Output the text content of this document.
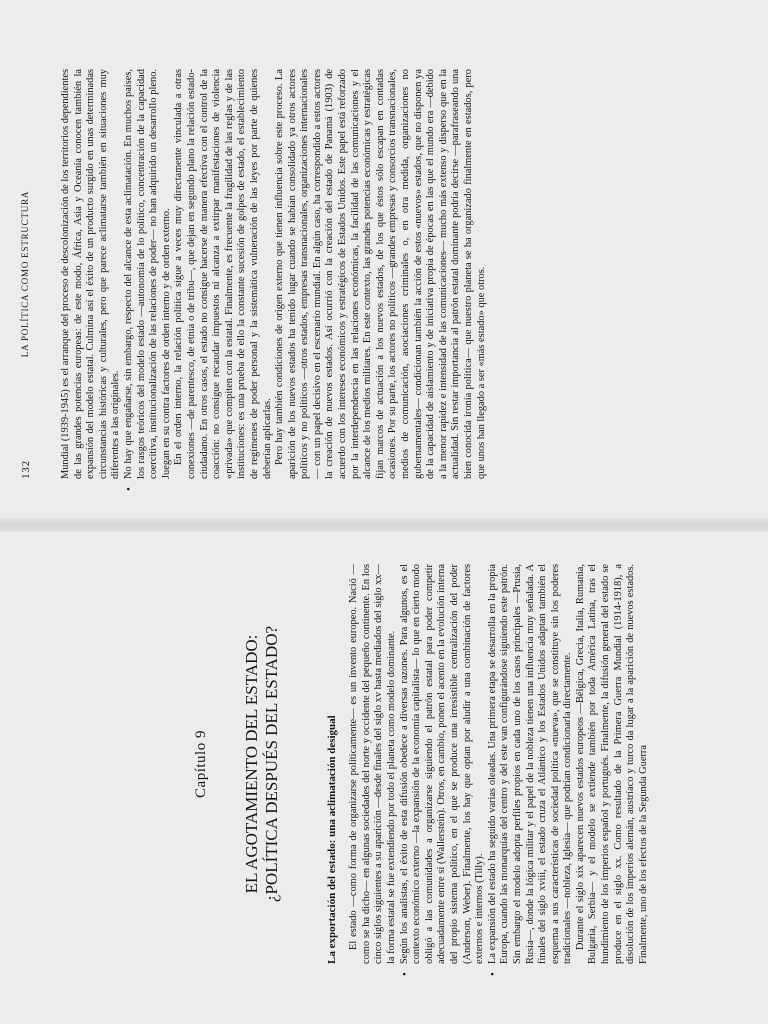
Capítulo 9 EL AGOTAMIENTO DEL ESTADO: ¿POLÍTICA DESPUÉS DEL ESTADO?	La exportación del estado: una aclimatación desigual El estado —como forma de organizarse políticamente— es un invento europeo. Nació —como se ha dicho— en algunas sociedades del norte y occidente del pequeño continente. En los cinco siglos siguientes a su aparición —desde finales del siglo xv hasta mediados del siglo xx— la forma estatal se fue extendiendo por todo el planeta como modelo dominante.

•

Según los analistas, el éxito de esta difusión obedece a diversas razones. Para algunos, es el contexto económico externo —la expansión de la economía capitalista— lo que en cierto modo obligó a las comunidades a organizarse siguiendo el patrón estatal para poder competir adecuadamente entre sí (Wallerstein). Otros, en cambio, ponen el acento en la evolución interna del propio sistema político, en el que se produce una irresistible centralización del poder (Anderson, Weber). Finalmente, los hay que optan por aludir a una combinación de factores externos e internos (Tilly).

•

La expansión del estado ha seguido varias oleadas. Una primera etapa se desarrolla en la propia Europa, cuando las monarquías del centro y del este van configurándose siguiendo este patrón. Sin embargo el modelo adopta perfiles propios en cada uno de los casos principales —Prusia, Rusia—, donde la lógica militar y el papel de la nobleza tienen una influencia muy señalada. A finales del siglo xviii, el estado cruza el Atlántico y los Estados Unidos adaptan también el esquema a sus características de sociedad política «nueva», que se constituye sin los poderes tradicionales —nobleza, Iglesia— que podrían condicionarla directamente. Durante el siglo xix aparecen nuevos estados europeos —Bélgica, Grecia, Italia, Rumania, Bulgaria, Serbia— y el modelo se extiende también por toda América Latina, tras el hundimiento de los imperios español y portugués. Finalmente, la difusión general del estado se produce en el siglo xx. Como resultado de la Primera Guerra Mundial (1914-1918), a disolución de los imperios alemán, austríaco y turco da lugar a la aparición de nuevos estados. Finalmente, uno de los efectos de la Segunda Guerra

132
LA POLÍTICA COMO ESTRUCTURA	Mundial (1939-1945) es el arranque del proceso de descolonización de los territorios dependientes de las grandes potencias europeas: de este modo, África, Asia y Oceanía conocen también la expansión del modelo estatal. Culmina así el éxito de un producto surgido en unas determinadas circunstancias históricas y culturales, pero que parece aclimatarse también en situaciones muy diferentes a las originales.

•

No hay que engañarse, sin embargo, respecto del alcance de esta aclimatación. En muchos países, los rasgos teóricos del modelo estado —autonomía de lo político, concentración de la capacidad coercitiva, institucionalización de las relaciones de poder— no han adquirido un desarrollo pleno. Juegan en su contra factores de orden interno y de orden externo. En el orden interno, la relación política sigue a veces muy directamente vinculada a otras conexiones —de parentesco, de etnia o de tribu—, que dejan en segundo plano la relación estado-ciudadano. En otros casos, el estado no consigue hacerse de manera efectiva con el control de la coacción: no consigue recaudar impuestos ni alcanza a extirpar manifestaciones de violencia «privada» que compiten con la estatal. Finalmente, es frecuente la fragilidad de las reglas y de las instituciones: es una prueba de ello la constante sucesión de golpes de estado, el establecimiento de regímenes de poder personal y la sistemática vulneración de las leyes por parte de quienes deberían aplicarlas. Pero hay también condiciones de origen externo que tienen influencia sobre este proceso. La aparición de los nuevos estados ha tenido lugar cuando se habían consolidado ya otros actores políticos y no políticos —otros estados, empresas transnacionales, organizaciones internacionales— con un papel decisivo en el escenario mundial. En algún caso, ha correspondido a estos actores la creación de nuevos estados. Así ocurrió con la creación del estado de Panamá (1903) de acuerdo con los intereses económicos y estratégicos de Estados Unidos. Este papel está reforzado por la interdependencia en las relaciones económicas, la facilidad de las comunicaciones y el alcance de los medios militares. En este contexto, las grandes potencias económicas y estratégicas fijan marcos de actuación a los nuevos estados, de los que éstos sólo escapan en contadas ocasiones. Por su parte, los actores no políticos —grandes empresas y consorcios transnacionales, medios de comunicación, asociaciones criminales o, en otra medida, organizaciones no gubernamentales— condicionan también la acción de estos «nuevos» estados, que no disponen ya de la capacidad de aislamiento y de iniciativa propia de épocas en las que el mundo era —debido a la menor rapidez e intensidad de las comunicaciones— mucho más extenso y disperso que en la actualidad. Sin restar importancia al patrón estatal dominante podría decirse —parafraseando una bien conocida ironía política— que nuestro planeta se ha organizado finalmente en estados, pero que unos han llegado a ser «más estado» que otros.
